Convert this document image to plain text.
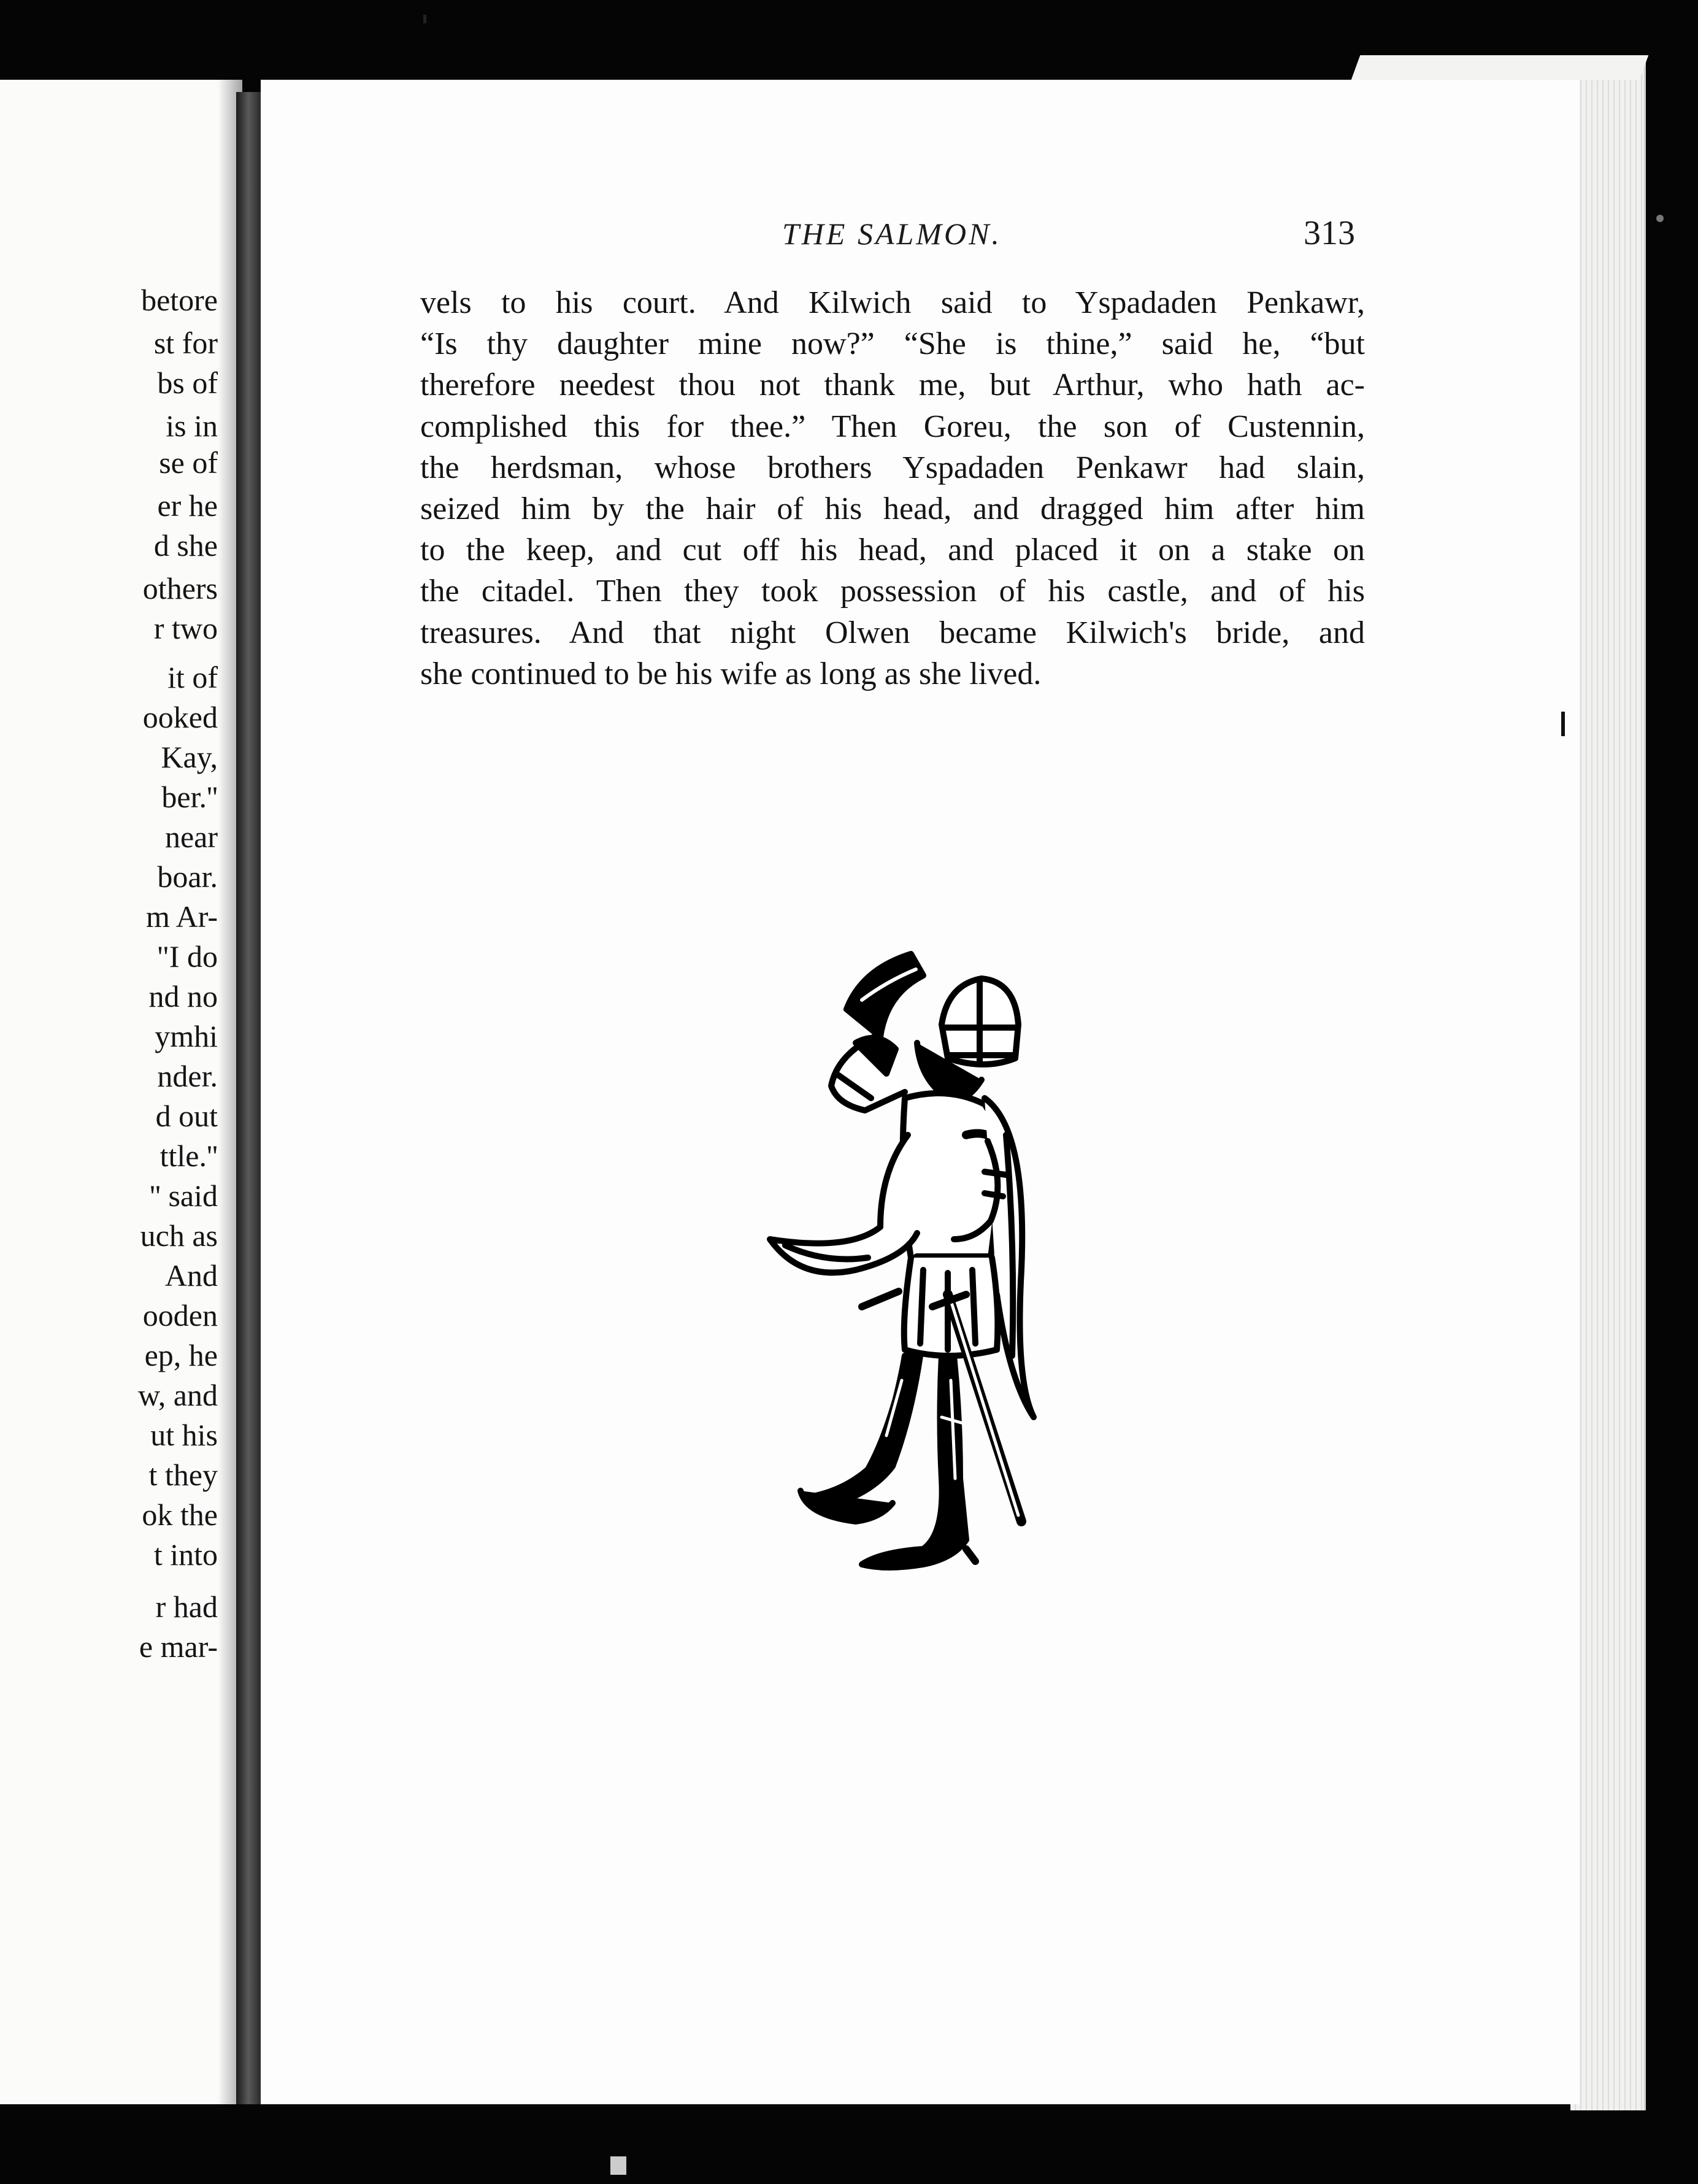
betore
st for
bs of
is in
se of
er he
d she
others
r two
it of
ooked
Kay,
ber.''
near
boar.
m Ar-
"I do
nd no
ymhi
nder.
d out
ttle.''
'' said
uch as
And
ooden
ep, he
w, and
ut his
t they
ok the
t into
r had
e mar-
THE SALMON.	313
vels to his court. And Kilwich said to Yspadaden Penkawr,
“Is thy daughter mine now?” “She is thine,” said he, “but
therefore needest thou not thank me, but Arthur, who hath ac-
complished this for thee.” Then Goreu, the son of Custennin,
the herdsman, whose brothers Yspadaden Penkawr had slain,
seized him by the hair of his head, and dragged him after him
to the keep, and cut off his head, and placed it on a stake on
the citadel. Then they took possession of his castle, and of his
treasures. And that night Olwen became Kilwich's bride, and
she continued to be his wife as long as she lived.
